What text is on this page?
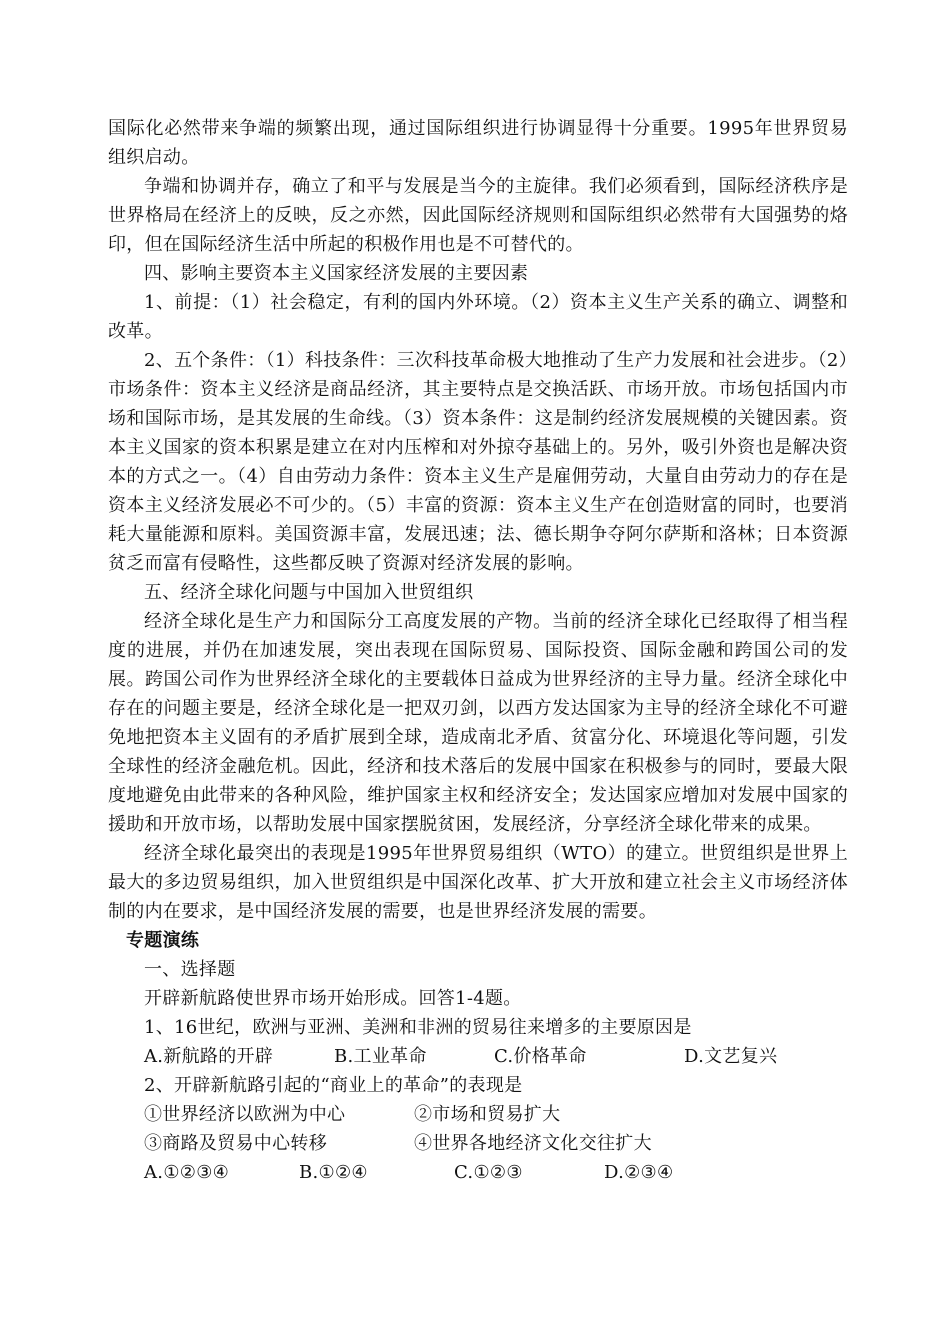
国际化必然带来争端的频繁出现，通过国际组织进行协调显得十分重要。1995年世界贸易组织启动。

争端和协调并存，确立了和平与发展是当今的主旋律。我们必须看到，国际经济秩序是世界格局在经济上的反映，反之亦然，因此国际经济规则和国际组织必然带有大国强势的烙印，但在国际经济生活中所起的积极作用也是不可替代的。

四、影响主要资本主义国家经济发展的主要因素

1、前提：（1）社会稳定，有利的国内外环境。（2）资本主义生产关系的确立、调整和改革。

2、五个条件：（1）科技条件：三次科技革命极大地推动了生产力发展和社会进步。（2）市场条件：资本主义经济是商品经济，其主要特点是交换活跃、市场开放。市场包括国内市场和国际市场，是其发展的生命线。（3）资本条件：这是制约经济发展规模的关键因素。资本主义国家的资本积累是建立在对内压榨和对外掠夺基础上的。另外，吸引外资也是解决资本的方式之一。（4）自由劳动力条件：资本主义生产是雇佣劳动，大量自由劳动力的存在是资本主义经济发展必不可少的。（5）丰富的资源：资本主义生产在创造财富的同时，也要消耗大量能源和原料。美国资源丰富，发展迅速；法、德长期争夺阿尔萨斯和洛林；日本资源贫乏而富有侵略性，这些都反映了资源对经济发展的影响。

五、经济全球化问题与中国加入世贸组织

经济全球化是生产力和国际分工高度发展的产物。当前的经济全球化已经取得了相当程度的进展，并仍在加速发展，突出表现在国际贸易、国际投资、国际金融和跨国公司的发展。跨国公司作为世界经济全球化的主要载体日益成为世界经济的主导力量。经济全球化中存在的问题主要是，经济全球化是一把双刃剑，以西方发达国家为主导的经济全球化不可避免地把资本主义固有的矛盾扩展到全球，造成南北矛盾、贫富分化、环境退化等问题，引发全球性的经济金融危机。因此，经济和技术落后的发展中国家在积极参与的同时，要最大限度地避免由此带来的各种风险，维护国家主权和经济安全；发达国家应增加对发展中国家的援助和开放市场，以帮助发展中国家摆脱贫困，发展经济，分享经济全球化带来的成果。

经济全球化最突出的表现是1995年世界贸易组织（WTO）的建立。世贸组织是世界上最大的多边贸易组织，加入世贸组织是中国深化改革、扩大开放和建立社会主义市场经济体制的内在要求，是中国经济发展的需要，也是世界经济发展的需要。

专题演练

一、选择题

开辟新航路使世界市场开始形成。回答1-4题。

1、16世纪，欧洲与亚洲、美洲和非洲的贸易往来增多的主要原因是

A.新航路的开辟	B.工业革命	C.价格革命	D.文艺复兴

2、开辟新航路引起的“商业上的革命”的表现是

①世界经济以欧洲为中心	②市场和贸易扩大
③商路及贸易中心转移	④世界各地经济文化交往扩大
A.①②③④	B.①②④	C.①②③	D.②③④
